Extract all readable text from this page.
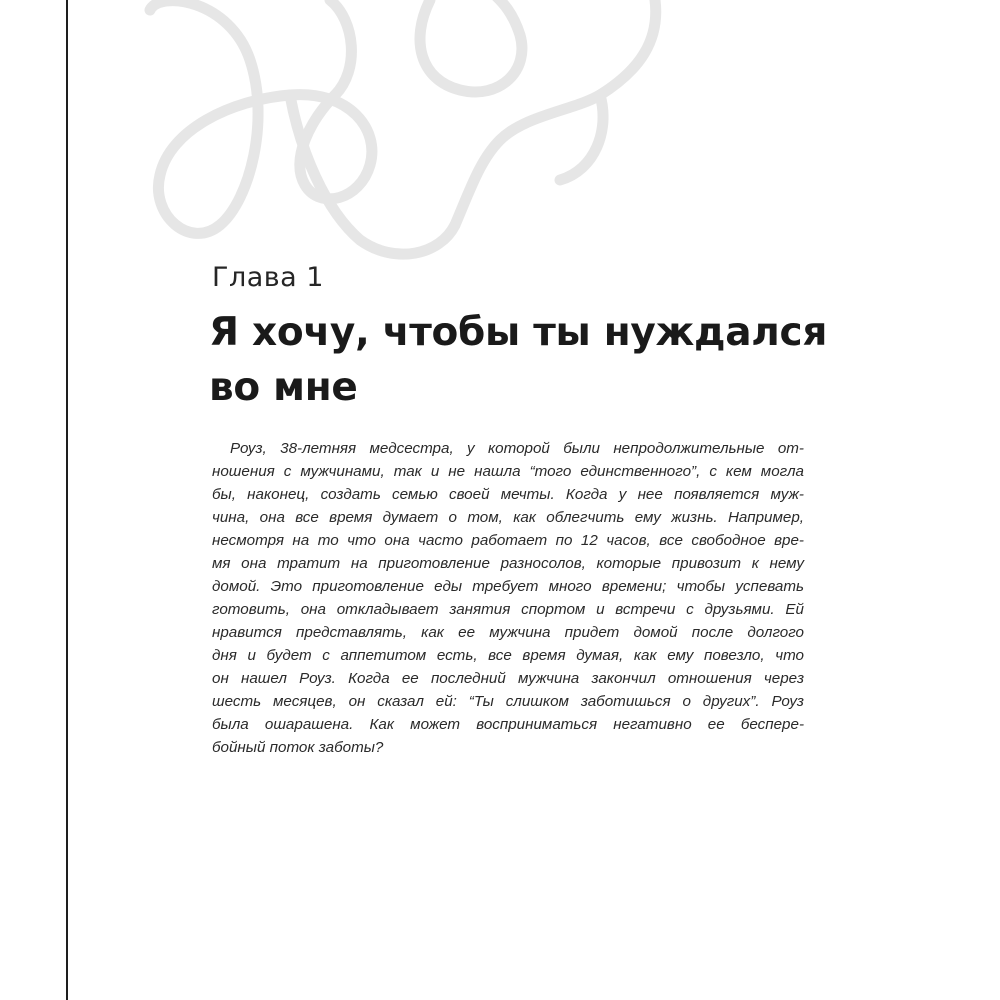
Глава 1
Я хочу, чтобы ты нуждался
во мне
Роуз, 38-летняя медсестра, у которой были непродолжительные от-
ношения с мужчинами, так и не нашла “того единственного”, с кем могла
бы, наконец, создать семью своей мечты. Когда у нее появляется муж-
чина, она все время думает о том, как облегчить ему жизнь. Например,
несмотря на то что она часто работает по 12 часов, все свободное вре-
мя она тратит на приготовление разносолов, которые привозит к нему
домой. Это приготовление еды требует много времени; чтобы успевать
готовить, она откладывает занятия спортом и встречи с друзьями. Ей
нравится представлять, как ее мужчина придет домой после долгого
дня и будет с аппетитом есть, все время думая, как ему повезло, что
он нашел Роуз. Когда ее последний мужчина закончил отношения через
шесть месяцев, он сказал ей: “Ты слишком заботишься о других”. Роуз
была ошарашена. Как может восприниматься негативно ее беспере-
бойный поток заботы?
